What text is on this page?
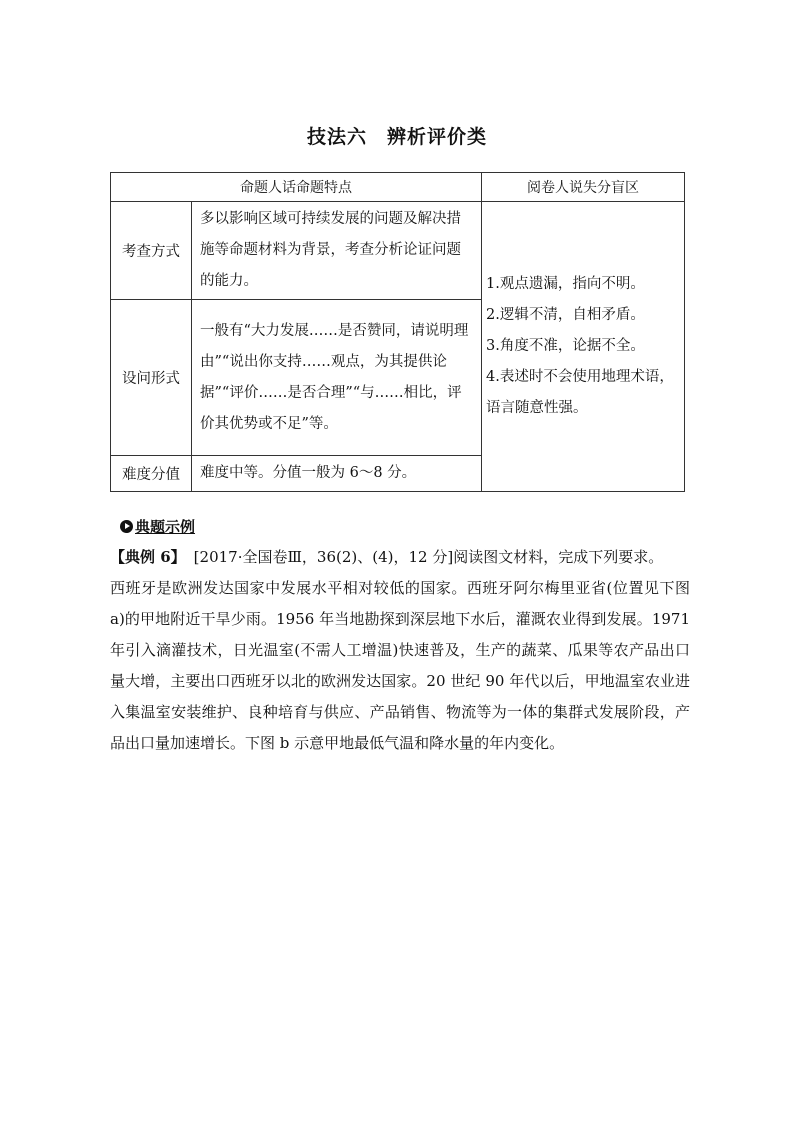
技法六　辨析评价类
命题人话命题特点		阅卷人说失分盲区
考查方式	多以影响区域可持续发展的问题及解决措施等命题材料为背景，考查分析论证问题的能力。	1.观点遗漏，指向不明。
2.逻辑不清，自相矛盾。
3.角度不准，论据不全。
4.表述时不会使用地理术语，语言随意性强。

设问形式	一般有“大力发展……是否赞同，请说明理由”“说出你支持……观点，为其提供论据”“评价……是否合理”“与……相比，评价其优势或不足”等。	
难度分值	难度中等。分值一般为 6～8 分。	
典题示例
【典例 6】 [2017·全国卷Ⅲ，36(2)、(4)，12 分]阅读图文材料，完成下列要求。
西班牙是欧洲发达国家中发展水平相对较低的国家。西班牙阿尔梅里亚省(位置见下图 a)的甲地附近干旱少雨。1956 年当地勘探到深层地下水后，灌溉农业得到发展。1971 年引入滴灌技术，日光温室(不需人工增温)快速普及，生产的蔬菜、瓜果等农产品出口量大增，主要出口西班牙以北的欧洲发达国家。20 世纪 90 年代以后，甲地温室农业进入集温室安装维护、良种培育与供应、产品销售、物流等为一体的集群式发展阶段，产品出口量加速增长。下图 b 示意甲地最低气温和降水量的年内变化。
